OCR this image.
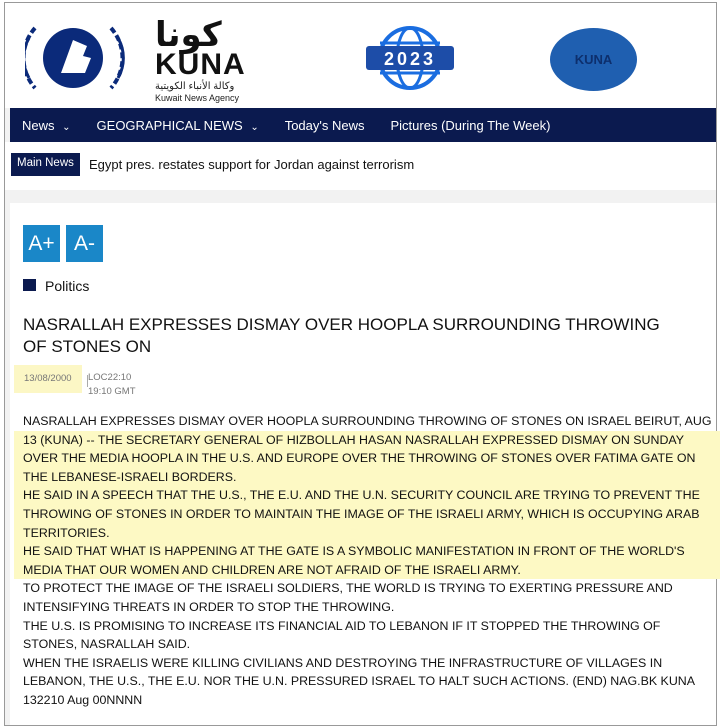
كونا
KUNA
وكالة الأنباء الكويتية
Kuwait News Agency
2023	KUNA
News ⌄ GEOGRAPHICAL NEWS ⌄ Today's News Pictures (During The Week)
Main News	Egypt pres. restates support for Jordan against terrorism
A+ A-
Politics
NASRALLAH EXPRESSES DISMAY OVER HOOPLA SURROUNDING THROWING OF STONES ON
13/08/2000	LOC22:10
19:10 GMT
NASRALLAH EXPRESSES DISMAY OVER HOOPLA SURROUNDING THROWING OF STONES ON ISRAEL BEIRUT, AUG
13 (KUNA) -- THE SECRETARY GENERAL OF HIZBOLLAH HASAN NASRALLAH EXPRESSED DISMAY ON SUNDAY
OVER THE MEDIA HOOPLA IN THE U.S. AND EUROPE OVER THE THROWING OF STONES OVER FATIMA GATE ON
THE LEBANESE-ISRAELI BORDERS.
HE SAID IN A SPEECH THAT THE U.S., THE E.U. AND THE U.N. SECURITY COUNCIL ARE TRYING TO PREVENT THE
THROWING OF STONES IN ORDER TO MAINTAIN THE IMAGE OF THE ISRAELI ARMY, WHICH IS OCCUPYING ARAB
TERRITORIES.
HE SAID THAT WHAT IS HAPPENING AT THE GATE IS A SYMBOLIC MANIFESTATION IN FRONT OF THE WORLD'S
MEDIA THAT OUR WOMEN AND CHILDREN ARE NOT AFRAID OF THE ISRAELI ARMY.
TO PROTECT THE IMAGE OF THE ISRAELI SOLDIERS, THE WORLD IS TRYING TO EXERTING PRESSURE AND
INTENSIFYING THREATS IN ORDER TO STOP THE THROWING.
THE U.S. IS PROMISING TO INCREASE ITS FINANCIAL AID TO LEBANON IF IT STOPPED THE THROWING OF
STONES, NASRALLAH SAID.
WHEN THE ISRAELIS WERE KILLING CIVILIANS AND DESTROYING THE INFRASTRUCTURE OF VILLAGES IN
LEBANON, THE U.S., THE E.U. NOR THE U.N. PRESSURED ISRAEL TO HALT SUCH ACTIONS. (END) NAG.BK KUNA
132210 Aug 00NNNN
